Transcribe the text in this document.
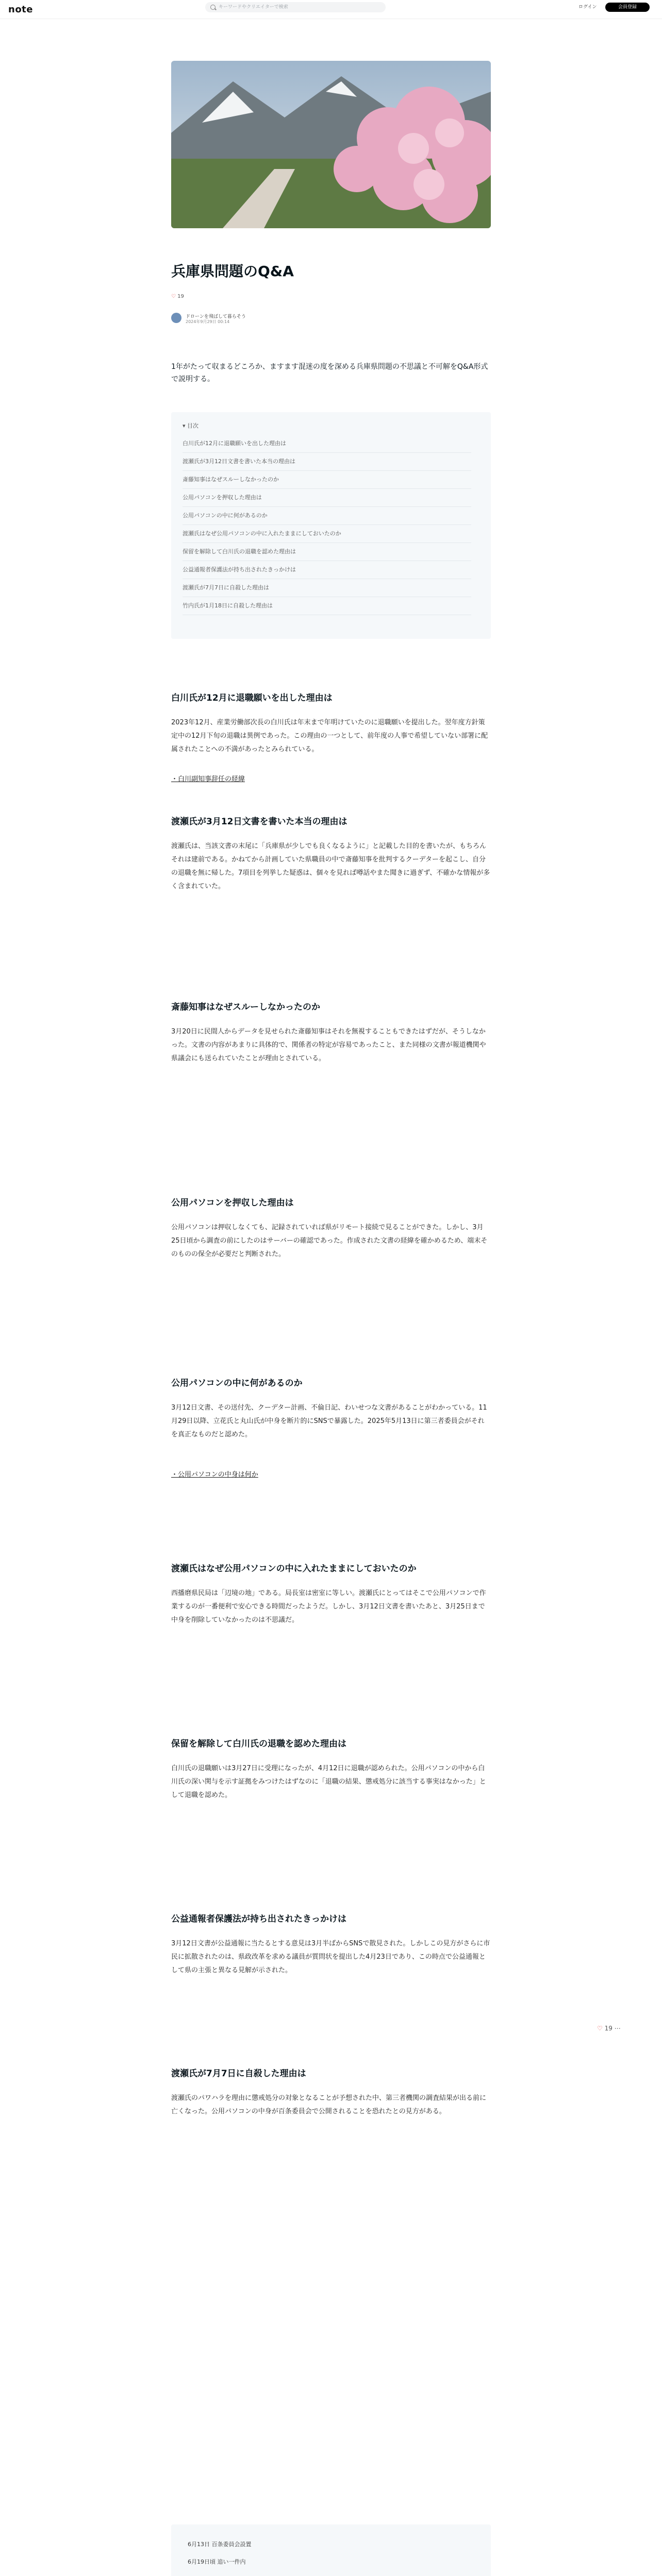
note	キーワードやクリエイターで検索	ログイン	会員登録
兵庫県問題のQ&A
♡ 19
ドローンを飛ばして暮らそう
2024年9月29日 00:14

1年がたって収まるどころか、ますます混迷の度を深める兵庫県問題の不思議と不可解をQ&A形式で説明する。

▾ 目次
白川氏が12月に退職願いを出した理由は
渡瀬氏が3月12日文書を書いた本当の理由は
斎藤知事はなぜスルーしなかったのか
公用パソコンを押収した理由は
公用パソコンの中に何があるのか
渡瀬氏はなぜ公用パソコンの中に入れたままにしておいたのか
保留を解除して白川氏の退職を認めた理由は
公益通報者保護法が持ち出されたきっかけは
渡瀬氏が7月7日に自殺した理由は
竹内氏が1月18日に自殺した理由は
白川氏が12月に退職願いを出した理由は

2023年12月、産業労働部次長の白川氏は年末まで年明けていたのに退職願いを提出した。翌年度方針策定中の12月下旬の退職は異例であった。この理由の一つとして、前年度の人事で希望していない部署に配属されたことへの不満があったとみられている。

・白川副知事辞任の経緯

渡瀬氏が3月12日文書を書いた本当の理由は

渡瀬氏は、当該文書の末尾に「兵庫県が少しでも良くなるように」と記載した目的を書いたが、もちろんそれは建前である。かねてから計画していた県職員の中で斎藤知事を批判するクーデターを起こし、自分の退職を無に帰した。7項目を列挙した疑惑は、個々を見れば噂話やまた聞きに過ぎず、不確かな情報が多く含まれていた。

斎藤知事はなぜスルーしなかったのか

3月20日に民間人からデータを見せられた斎藤知事はそれを無視することもできたはずだが、そうしなかった。文書の内容があまりに具体的で、関係者の特定が容易であったこと、また同様の文書が報道機関や県議会にも送られていたことが理由とされている。

公用パソコンを押収した理由は

公用パソコンは押収しなくても、記録されていれば県がリモート接続で見ることができた。しかし、3月25日頃から調査の前にしたのはサーバーの確認であった。作成された文書の経緯を確かめるため、端末そのものの保全が必要だと判断された。

公用パソコンの中に何があるのか

3月12日文書、その送付先、クーデター計画、不倫日記、わいせつな文書があることがわかっている。11月29日以降、立花氏と丸山氏が中身を断片的にSNSで暴露した。2025年5月13日に第三者委員会がそれを真正なものだと認めた。

・公用パソコンの中身は何か

渡瀬氏はなぜ公用パソコンの中に入れたままにしておいたのか

西播磨県民局は「辺境の地」である。局長室は密室に等しい。渡瀬氏にとってはそこで公用パソコンで作業するのが一番便利で安心できる時間だったようだ。しかし、3月12日文書を書いたあと、3月25日まで中身を削除していなかったのは不思議だ。

保留を解除して白川氏の退職を認めた理由は

白川氏の退職願いは3月27日に受理になったが、4月12日に退職が認められた。公用パソコンの中から白川氏の深い関与を示す証拠をみつけたはずなのに「退職の結果、懲戒処分に該当する事実はなかった」として退職を認めた。

公益通報者保護法が持ち出されたきっかけは

3月12日文書が公益通報に当たるとする意見は3月半ばからSNSで散見された。しかしこの見方がさらに市民に拡散されたのは、県政改革を求める議員が質問状を提出した4月23日であり、この時点で公益通報として県の主張と異なる見解が示された。

渡瀬氏が7月7日に自殺した理由は

渡瀬氏のパワハラを理由に懲戒処分の対象となることが予想された中、第三者機関の調査結果が出る前に亡くなった。公用パソコンの中身が百条委員会で公開されることを恐れたとの見方がある。

6月13日 百条委員会設置
6月19日頃 追い一件内

♡ 19 ⋯
